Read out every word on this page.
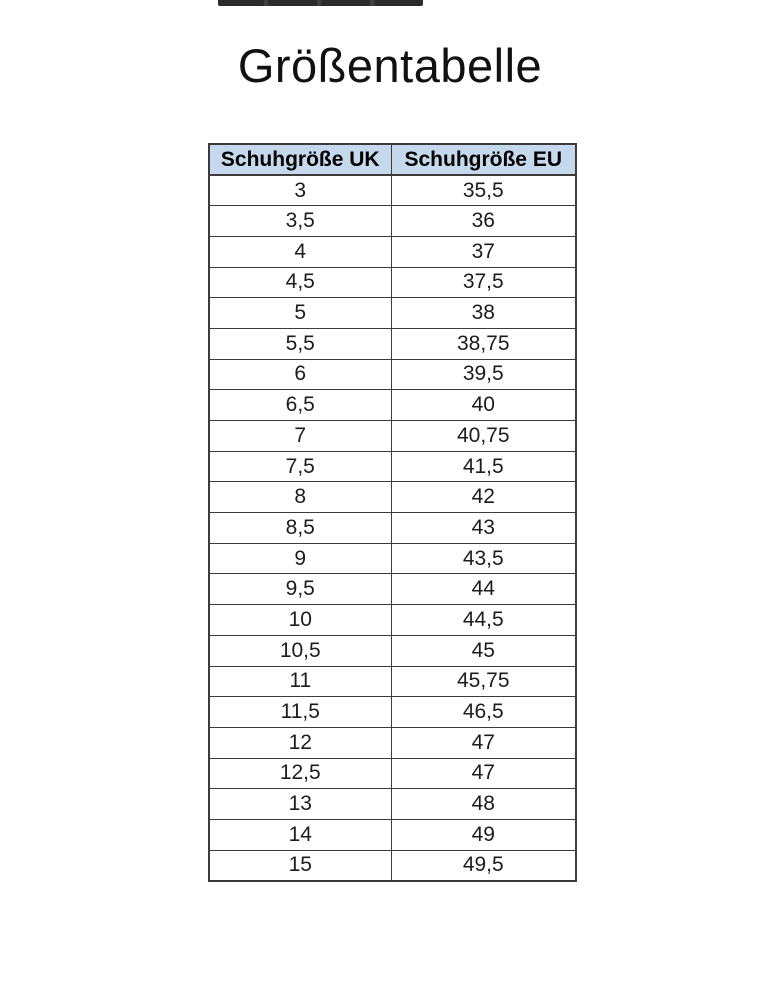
Größentabelle
Schuhgröße UK	Schuhgröße EU
3	35,5
3,5	36
4	37
4,5	37,5
5	38
5,5	38,75
6	39,5
6,5	40
7	40,75
7,5	41,5
8	42
8,5	43
9	43,5
9,5	44
10	44,5
10,5	45
11	45,75
11,5	46,5
12	47
12,5	47
13	48
14	49
15	49,5
